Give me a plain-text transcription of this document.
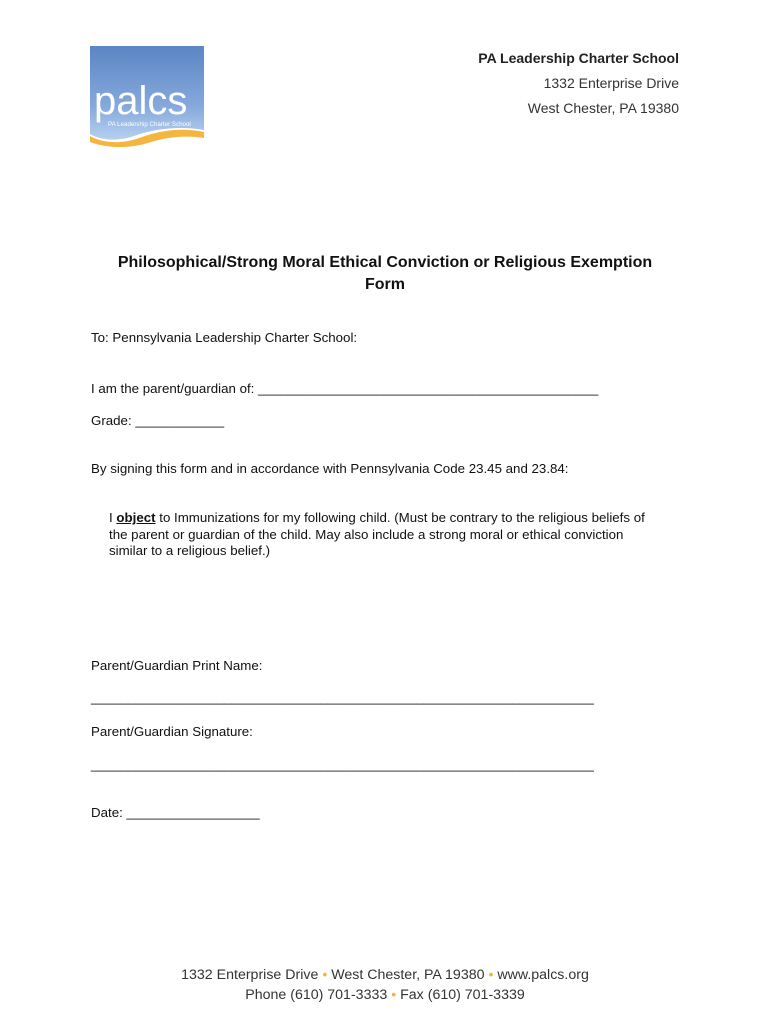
palcs
PA Leadership Charter School
PA Leadership Charter School
1332 Enterprise Drive
West Chester, PA 19380
Philosophical/Strong Moral Ethical Conviction or Religious Exemption
Form
To: Pennsylvania Leadership Charter School:
I am the parent/guardian of: ______________________________________________
Grade: ____________
By signing this form and in accordance with Pennsylvania Code 23.45 and 23.84:
I object to Immunizations for my following child. (Must be contrary to the religious beliefs of
the parent or guardian of the child. May also include a strong moral or ethical conviction
similar to a religious belief.)
Parent/Guardian Print Name:
____________________________________________________________________
Parent/Guardian Signature:
____________________________________________________________________
Date: __________________
1332 Enterprise Drive • West Chester, PA 19380 • www.palcs.org
Phone (610) 701-3333 • Fax (610) 701-3339
